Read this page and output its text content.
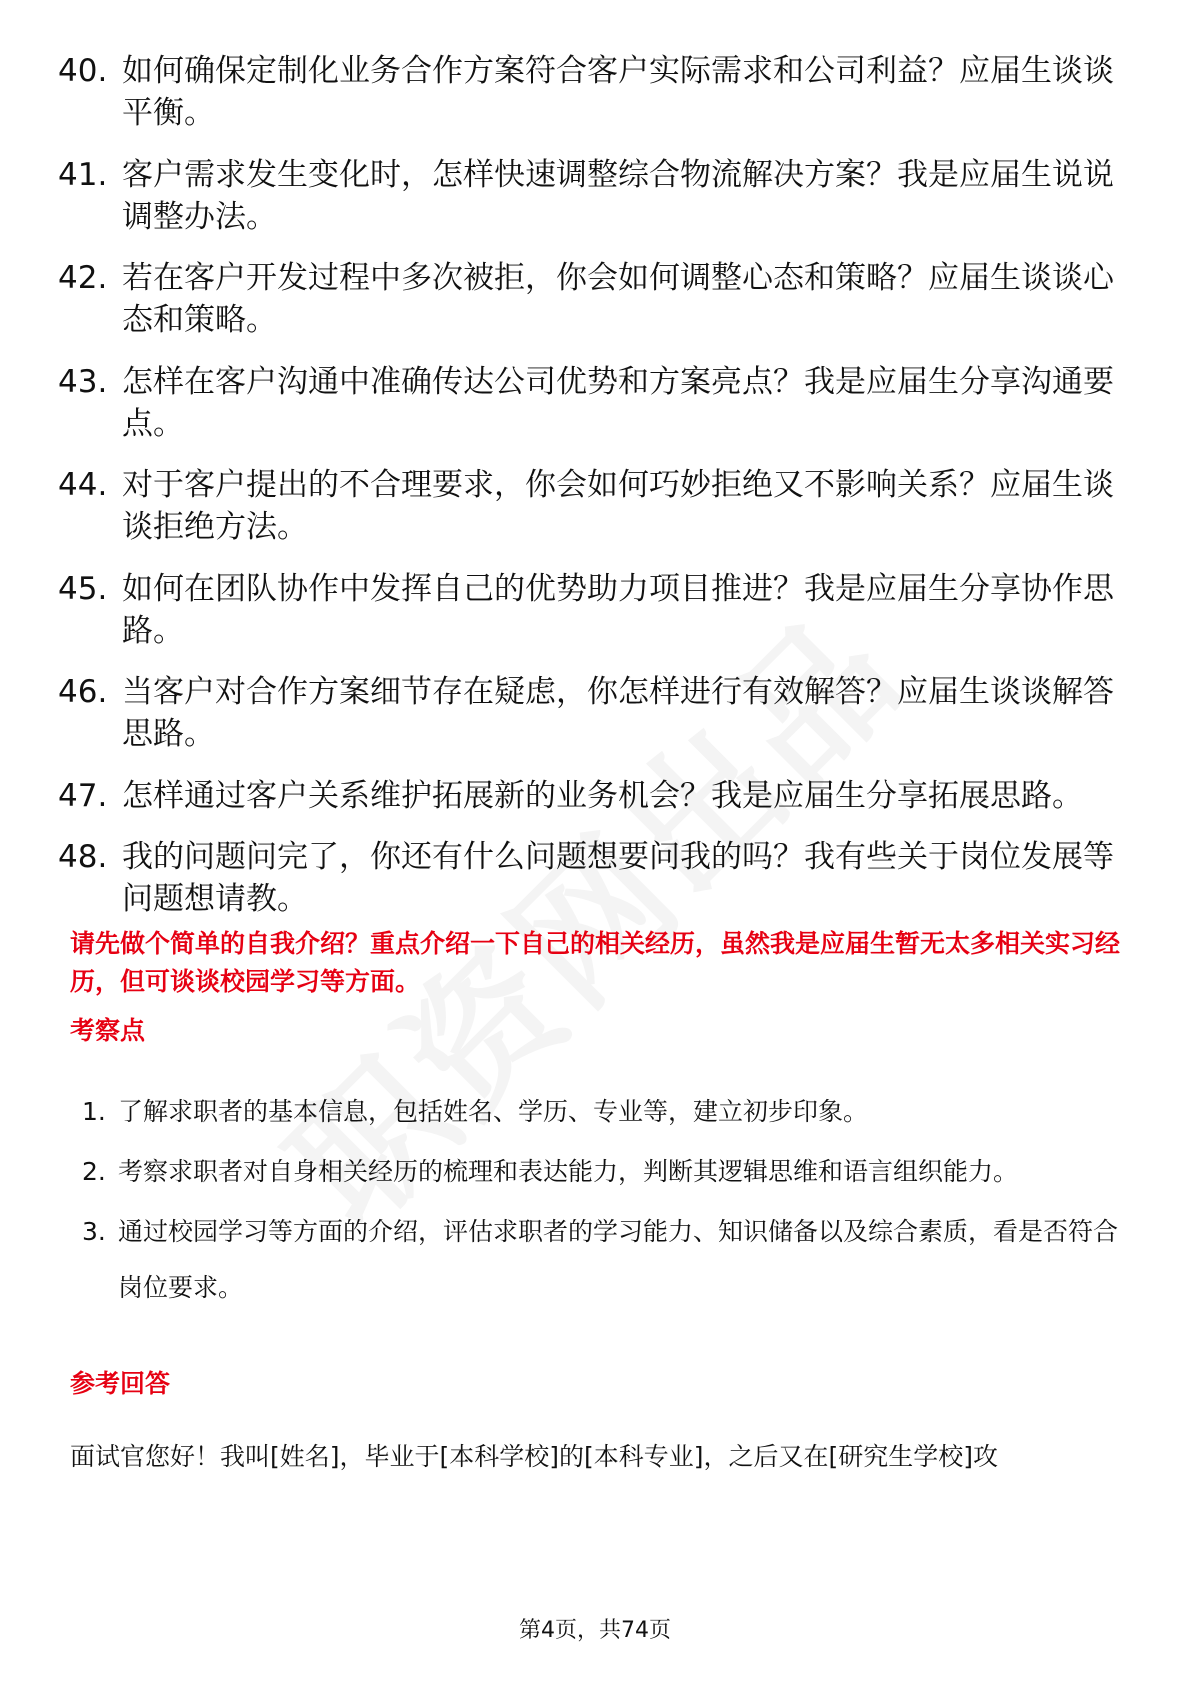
40. 如何确保定制化业务合作方案符合客户实际需求和公司利益？应届生谈谈平衡。
41. 客户需求发生变化时，怎样快速调整综合物流解决方案？我是应届生说说调整办法。
42. 若在客户开发过程中多次被拒，你会如何调整心态和策略？应届生谈谈心态和策略。
43. 怎样在客户沟通中准确传达公司优势和方案亮点？我是应届生分享沟通要点。
44. 对于客户提出的不合理要求，你会如何巧妙拒绝又不影响关系？应届生谈谈拒绝方法。
45. 如何在团队协作中发挥自己的优势助力项目推进？我是应届生分享协作思路。
46. 当客户对合作方案细节存在疑虑，你怎样进行有效解答？应届生谈谈解答思路。
47. 怎样通过客户关系维护拓展新的业务机会？我是应届生分享拓展思路。
48. 我的问题问完了，你还有什么问题想要问我的吗？我有些关于岗位发展等问题想请教。

请先做个简单的自我介绍？重点介绍一下自己的相关经历，虽然我是应届生暂无太多相关实习经历，但可谈谈校园学习等方面。

考察点
1. 了解求职者的基本信息，包括姓名、学历、专业等，建立初步印象。
2. 考察求职者对自身相关经历的梳理和表达能力，判断其逻辑思维和语言组织能力。
3. 通过校园学习等方面的介绍，评估求职者的学习能力、知识储备以及综合素质，看是否符合岗位要求。
参考回答

面试官您好！我叫[姓名]，毕业于[本科学校]的[本科专业]，之后又在[研究生学校]攻

第4页，共74页
